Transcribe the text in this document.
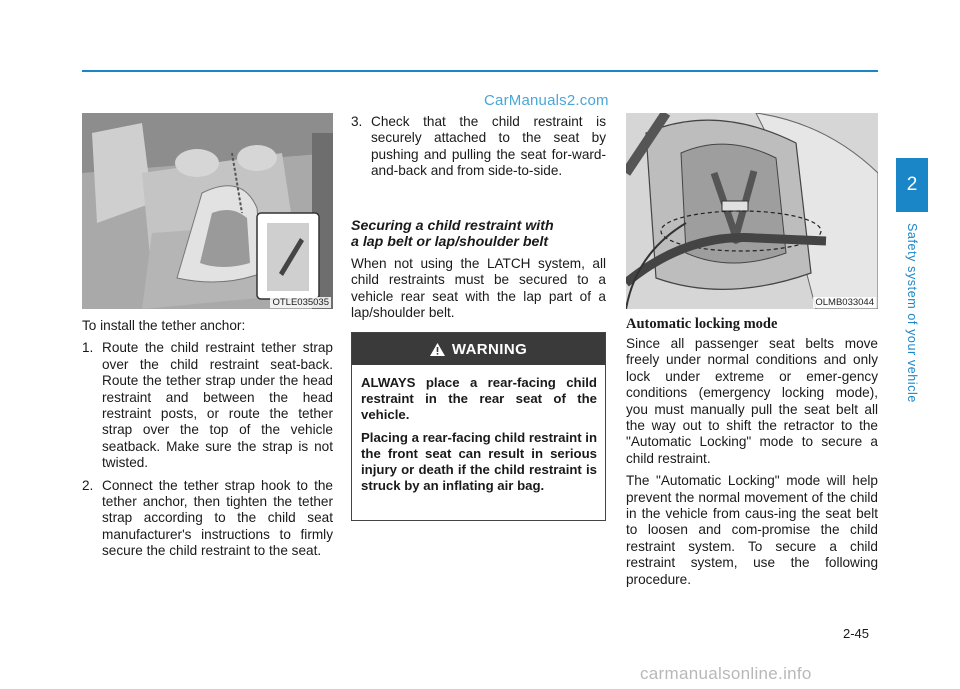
CarManuals2.com
OTLE035035

To install the tether anchor:

1. Route the child restraint tether strap over the child restraint seat-back. Route the tether strap under the head restraint and between the head restraint posts, or route the tether strap over the top of the vehicle seatback. Make sure the strap is not twisted.
2. Connect the tether strap hook to the tether anchor, then tighten the tether strap according to the child seat manufacturer's instructions to firmly secure the child restraint to the seat.
3. Check that the child restraint is securely attached to the seat by pushing and pulling the seat for-ward-and-back and from side-to-side.
Securing a child restraint with
a lap belt or lap/shoulder belt

When not using the LATCH system, all child restraints must be secured to a vehicle rear seat with the lap part of a lap/shoulder belt.

WARNING

ALWAYS place a rear-facing child restraint in the rear seat of the vehicle.

Placing a rear-facing child restraint in the front seat can result in serious injury or death if the child restraint is struck by an inflating air bag.

OLMB033044
Automatic locking mode

Since all passenger seat belts move freely under normal conditions and only lock under extreme or emer-gency conditions (emergency locking mode), you must manually pull the seat belt all the way out to shift the retractor to the "Automatic Locking" mode to secure a child restraint.

The "Automatic Locking" mode will help prevent the normal movement of the child in the vehicle from caus-ing the seat belt to loosen and com-promise the child restraint system. To secure a child restraint system, use the following procedure.

2
Safety system of your vehicle
2-45
carmanualsonline.info
